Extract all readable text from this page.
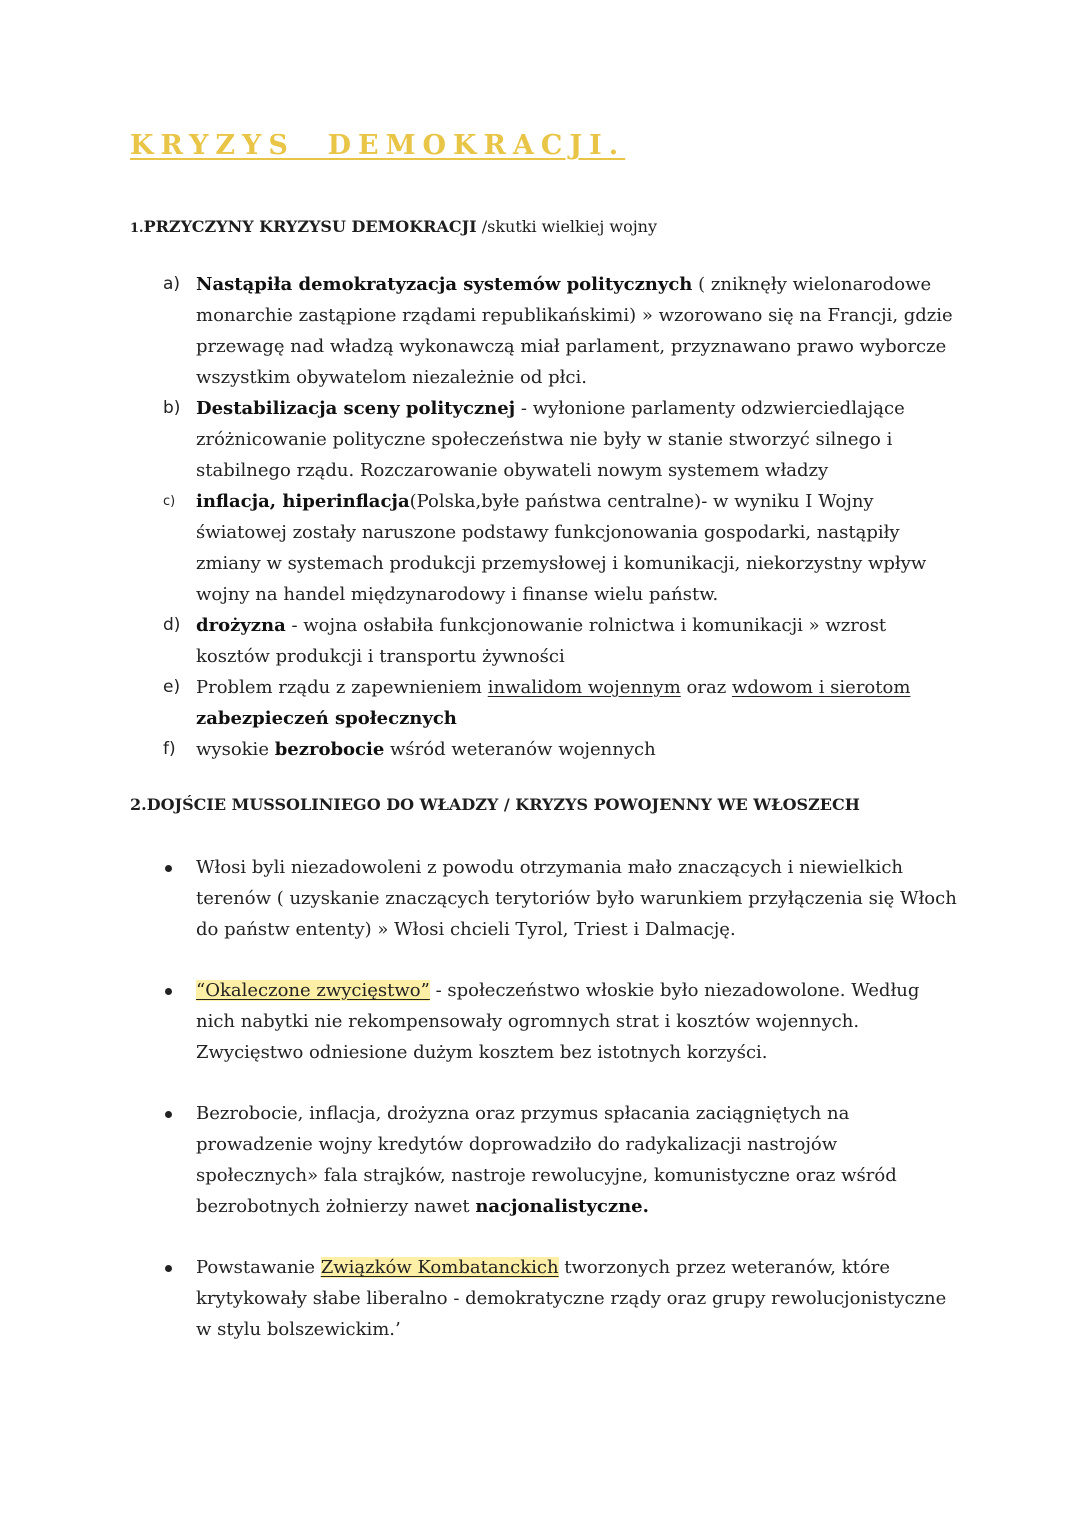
KRYZYS  DEMOKRACJI.
1.PRZYCZYNY KRYZYSU DEMOKRACJI /skutki wielkiej wojny
a) Nastąpiła demokratyzacja systemów politycznych ( zniknęły wielonarodowe monarchie zastąpione rządami republikańskimi) » wzorowano się na Francji, gdzie przewagę nad władzą wykonawczą miał parlament, przyznawano prawo wyborcze wszystkim obywatelom niezależnie od płci.
b) Destabilizacja sceny politycznej - wyłonione parlamenty odzwierciedlające zróżnicowanie polityczne społeczeństwa nie były w stanie stworzyć silnego i stabilnego rządu. Rozczarowanie obywateli nowym systemem władzy
c) inflacja, hiperinflacja(Polska,byłe państwa centralne)- w wyniku I Wojny światowej zostały naruszone podstawy funkcjonowania gospodarki, nastąpiły zmiany w systemach produkcji przemysłowej i komunikacji, niekorzystny wpływ wojny na handel międzynarodowy i finanse wielu państw.
d) drożyzna - wojna osłabiła funkcjonowanie rolnictwa i komunikacji » wzrost kosztów produkcji i transportu żywności
e) Problem rządu z zapewnieniem inwalidom wojennym oraz wdowom i sierotom
zabezpieczeń społecznych
f) wysokie bezrobocie wśród weteranów wojennych
2.DOJŚCIE MUSSOLINIEGO DO WŁADZY / KRYZYS POWOJENNY WE WŁOSZECH
Włosi byli niezadowoleni z powodu otrzymania mało znaczących i niewielkich terenów ( uzyskanie znaczących terytoriów było warunkiem przyłączenia się Włoch do państw ententy) » Włosi chcieli Tyrol, Triest i Dalmację.
“Okaleczone zwycięstwo” - społeczeństwo włoskie było niezadowolone. Według nich nabytki nie rekompensowały ogromnych strat i kosztów wojennych. Zwycięstwo odniesione dużym kosztem bez istotnych korzyści.
Bezrobocie, inflacja, drożyzna oraz przymus spłacania zaciągniętych na prowadzenie wojny kredytów doprowadziło do radykalizacji nastrojów społecznych» fala strajków, nastroje rewolucyjne, komunistyczne oraz wśród bezrobotnych żołnierzy nawet nacjonalistyczne.
Powstawanie Związków Kombatanckich tworzonych przez weteranów, które krytykowały słabe liberalno - demokratyczne rządy oraz grupy rewolucjonistyczne w stylu bolszewickim.’
